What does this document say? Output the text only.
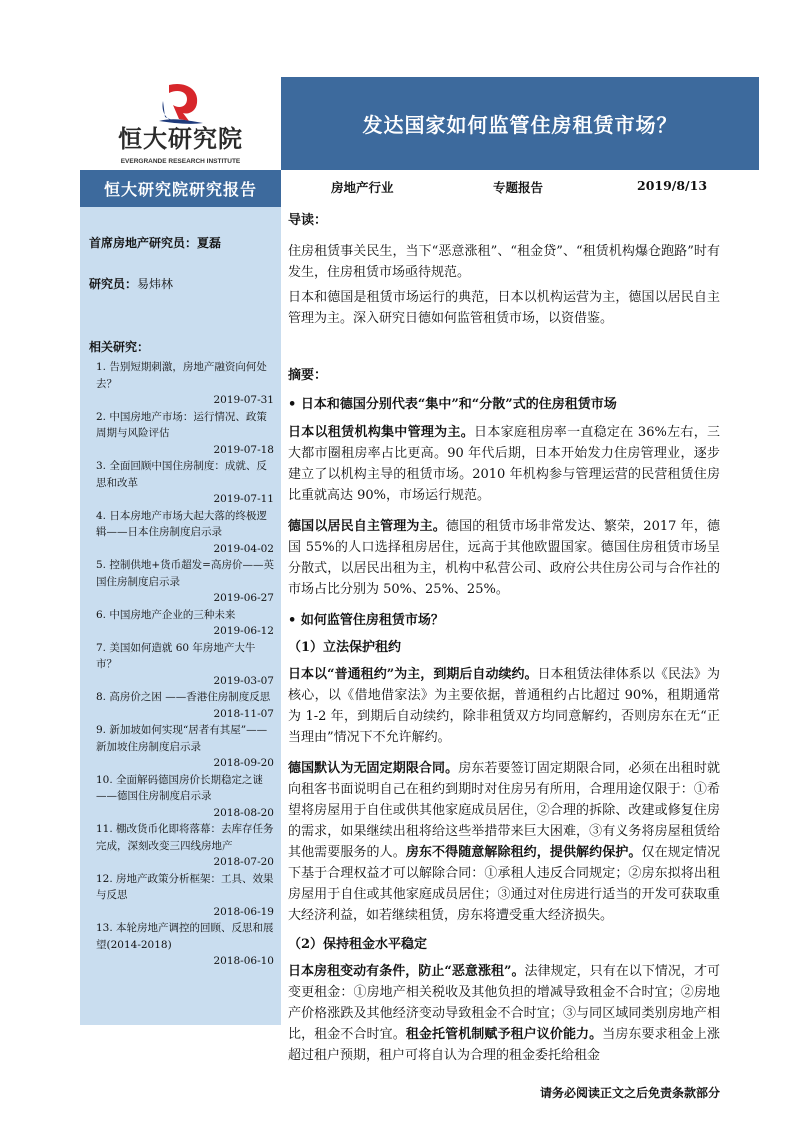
恒大研究院
EVERGRANDE RESEARCH INSTITUTE
发达国家如何监管住房租赁市场？
恒大研究院研究报告	房地产行业	专题报告	2019/8/13
首席房地产研究员：夏磊
研究员：易炜林
相关研究：
1. 告别短期刺激，房地产融资向何处去？
2019-07-31
2. 中国房地产市场：运行情况、政策周期与风险评估
2019-07-18
3. 全面回顾中国住房制度：成就、反思和改革
2019-07-11
4. 日本房地产市场大起大落的终极逻辑——日本住房制度启示录
2019-04-02
5. 控制供地+货币超发=高房价——英国住房制度启示录
2019-06-27
6. 中国房地产企业的三种未来
2019-06-12
7. 美国如何造就 60 年房地产大牛市？
2019-03-07
8. 高房价之困 ——香港住房制度反思
2018-11-07
9. 新加坡如何实现“居者有其屋”——新加坡住房制度启示录
2018-09-20
10. 全面解码德国房价长期稳定之谜——德国住房制度启示录
2018-08-20
11. 棚改货币化即将落幕：去库存任务完成，深刻改变三四线房地产
2018-07-20
12. 房地产政策分析框架：工具、效果与反思
2018-06-19
13. 本轮房地产调控的回顾、反思和展望(2014-2018)
2018-06-10
导读：
住房租赁事关民生，当下“恶意涨租”、“租金贷”、“租赁机构爆仓跑路”时有发生，住房租赁市场亟待规范。
日本和德国是租赁市场运行的典范，日本以机构运营为主，德国以居民自主管理为主。深入研究日德如何监管租赁市场，以资借鉴。
摘要：
• 日本和德国分别代表“集中”和“分散”式的住房租赁市场
日本以租赁机构集中管理为主。日本家庭租房率一直稳定在 36%左右，三大都市圈租房率占比更高。90 年代后期，日本开始发力住房管理业，逐步建立了以机构主导的租赁市场。2010 年机构参与管理运营的民营租赁住房比重就高达 90%，市场运行规范。
德国以居民自主管理为主。德国的租赁市场非常发达、繁荣，2017 年，德国 55%的人口选择租房居住，远高于其他欧盟国家。德国住房租赁市场呈分散式，以居民出租为主，机构中私营公司、政府公共住房公司与合作社的市场占比分别为 50%、25%、25%。
• 如何监管住房租赁市场？
（1）立法保护租约
日本以“普通租约”为主，到期后自动续约。日本租赁法律体系以《民法》为核心，以《借地借家法》为主要依据，普通租约占比超过 90%，租期通常为 1-2 年，到期后自动续约，除非租赁双方均同意解约，否则房东在无“正当理由”情况下不允许解约。
德国默认为无固定期限合同。房东若要签订固定期限合同，必须在出租时就向租客书面说明自己在租约到期时对住房另有所用，合理用途仅限于：①希望将房屋用于自住或供其他家庭成员居住，②合理的拆除、改建或修复住房的需求，如果继续出租将给这些举措带来巨大困难，③有义务将房屋租赁给其他需要服务的人。房东不得随意解除租约，提供解约保护。仅在规定情况下基于合理权益才可以解除合同：①承租人违反合同规定；②房东拟将出租房屋用于自住或其他家庭成员居住；③通过对住房进行适当的开发可获取重大经济利益，如若继续租赁，房东将遭受重大经济损失。
（2）保持租金水平稳定
日本房租变动有条件，防止“恶意涨租”。法律规定，只有在以下情况，才可变更租金：①房地产相关税收及其他负担的增减导致租金不合时宜；②房地产价格涨跌及其他经济变动导致租金不合时宜；③与同区域同类别房地产相比，租金不合时宜。租金托管机制赋予租户议价能力。当房东要求租金上涨超过租户预期，租户可将自认为合理的租金委托给租金
请务必阅读正文之后免责条款部分
